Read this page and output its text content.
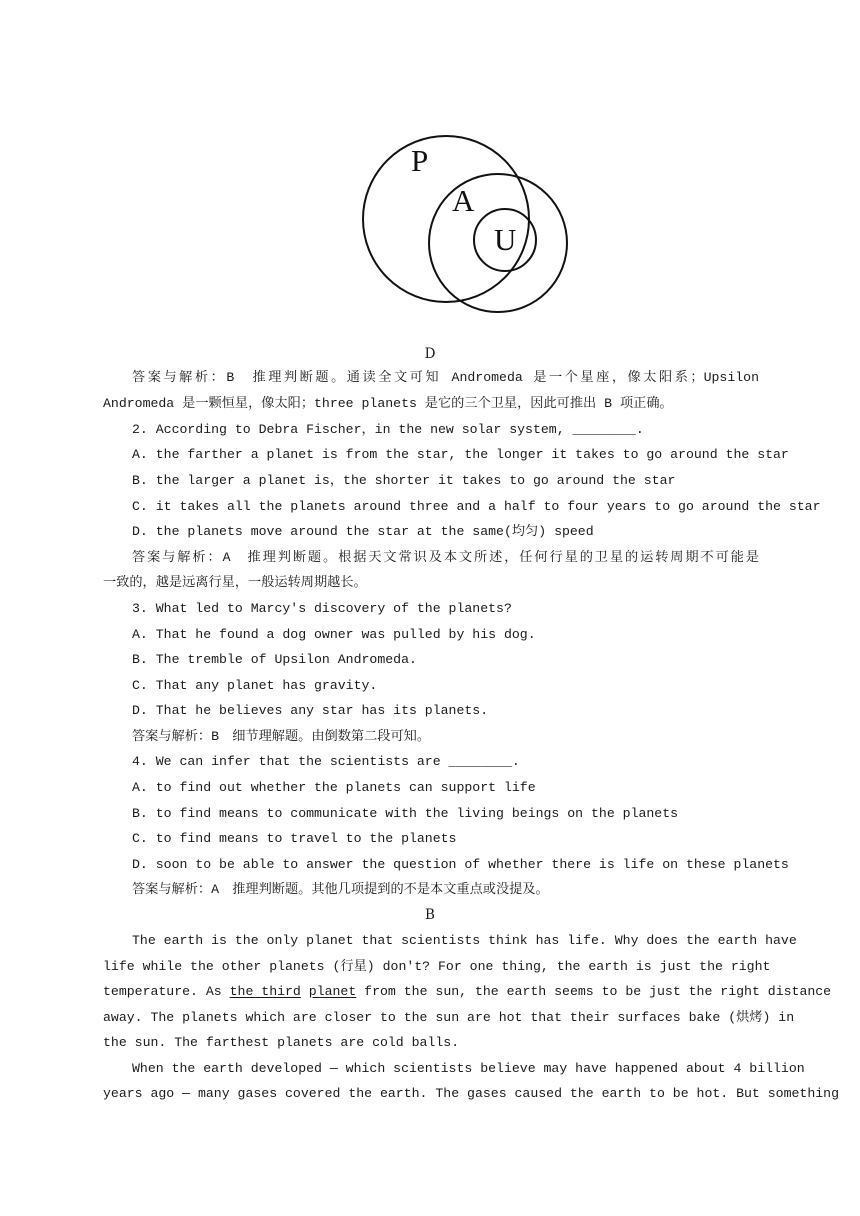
P
A
U
D
答案与解析：B　推理判断题。通读全文可知 Andromeda 是一个星座，像太阳系；Upsilon
Andromeda 是一颗恒星，像太阳；three planets 是它的三个卫星，因此可推出 B 项正确。
2. According to Debra Fischer，in the new solar system, ________.
A. the farther a planet is from the star, the longer it takes to go around the star
B. the larger a planet is，the shorter it takes to go around the star
C. it takes all the planets around three and a half to four years to go around the star
D. the planets move around the star at the same(均匀) speed
答案与解析：A　推理判断题。根据天文常识及本文所述，任何行星的卫星的运转周期不可能是
一致的，越是远离行星，一般运转周期越长。
3. What led to Marcy's discovery of the planets?
A. That he found a dog owner was pulled by his dog.
B. The tremble of Upsilon Andromeda.
C. That any planet has gravity.
D. That he believes any star has its planets.
答案与解析：B　细节理解题。由倒数第二段可知。
4. We can infer that the scientists are ________.
A. to find out whether the planets can support life
B. to find means to communicate with the living beings on the planets
C. to find means to travel to the planets
D. soon to be able to answer the question of whether there is life on these planets
答案与解析：A　推理判断题。其他几项提到的不是本文重点或没提及。
B
The earth is the only planet that scientists think has life. Why does the earth have
life while the other planets (行星) don't? For one thing, the earth is just the right
temperature. As the third planet from the sun, the earth seems to be just the right distance
away. The planets which are closer to the sun are hot that their surfaces bake (烘烤) in
the sun. The farthest planets are cold balls.
When the earth developed — which scientists believe may have happened about 4 billion
years ago — many gases covered the earth. The gases caused the earth to be hot. But something
